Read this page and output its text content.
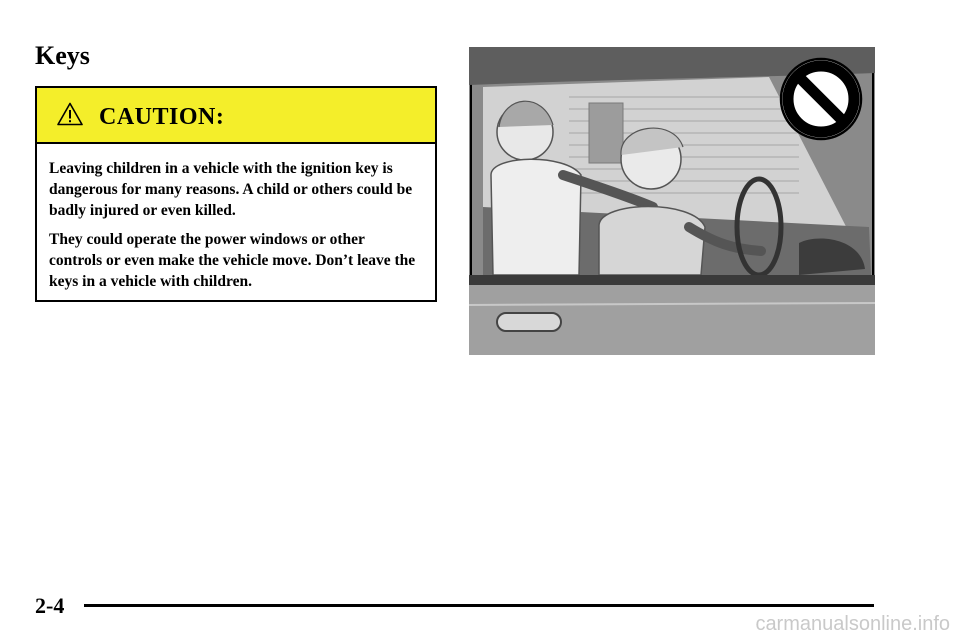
Keys
CAUTION:

Leaving children in a vehicle with the ignition key is dangerous for many reasons. A child or others could be badly injured or even killed.

They could operate the power windows or other controls or even make the vehicle move. Don’t leave the keys in a vehicle with children.

2-4
carmanualsonline.info
